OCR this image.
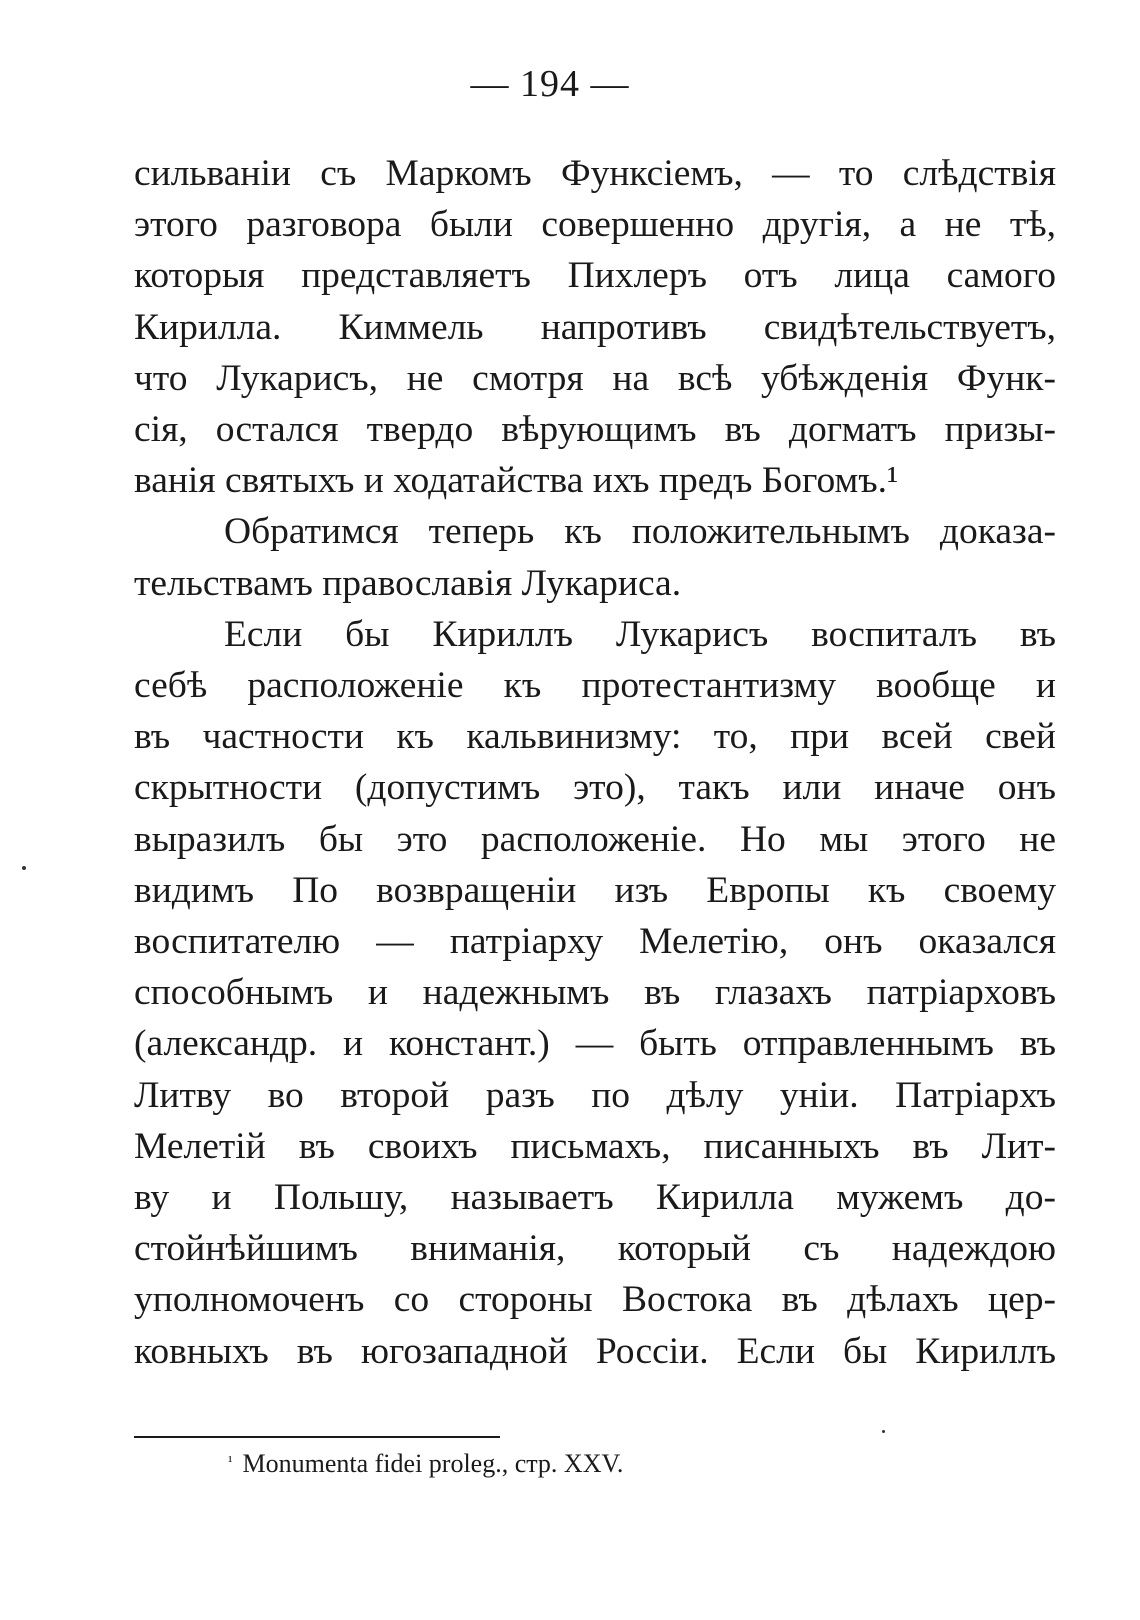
— 194 —
сильванiи съ Маркомъ Функсiемъ, — то слѣдствiя
этого разговора были совершенно другiя, а не тѣ,
которыя представляетъ Пихлеръ отъ лица самого
Кирилла. Киммель напротивъ свидѣтельствуетъ,
что Лукарисъ, не смотря на всѣ убѣжденiя Функ-
сiя, остался твердо вѣрующимъ въ догматъ призы-
ванiя святыхъ и ходатайства ихъ предъ Богомъ.¹
Обратимся теперь къ положительнымъ доказа-
тельствамъ православiя Лукариса.
Если бы Кириллъ Лукарисъ воспиталъ въ
себѣ расположенiе къ протестантизму вообще и
въ частности къ кальвинизму: то, при всей свей
скрытности (допустимъ это), такъ или иначе онъ
выразилъ бы это расположенiе. Но мы этого не
видимъ По возвращенiи изъ Европы къ своему
воспитателю — патрiарху Мелетiю, онъ оказался
способнымъ и надежнымъ въ глазахъ патрiарховъ
(александр. и констант.) — быть отправленнымъ въ
Литву во второй разъ по дѣлу унiи. Патрiархъ
Мелетiй въ своихъ письмахъ, писанныхъ въ Лит-
ву и Польшу, называетъ Кирилла мужемъ до-
стойнѣйшимъ вниманiя, который съ надеждою
уполномоченъ со стороны Востока въ дѣлахъ цер-
ковныхъ въ югозападной Россiи. Если бы Кириллъ
$^{^1}$ Monumenta fidei proleg., стр. XXV.
